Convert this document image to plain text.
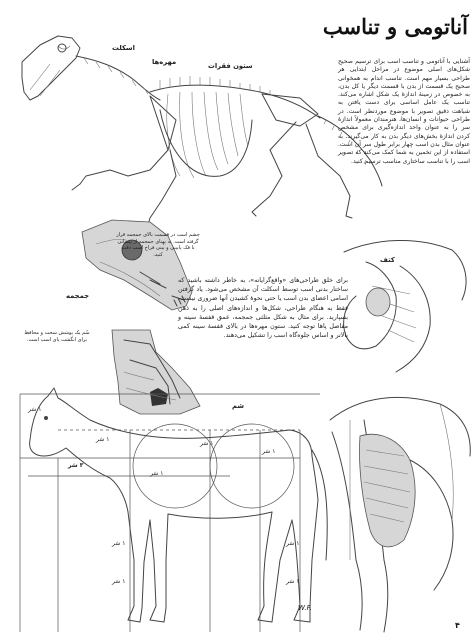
آناتومی و تناسب
آشنایی با آناتومی و تناسب اسب برای ترسیم صحیح شکل‌های اصلی موضوع در مراحل ابتدایی هر طراحی بسیار مهم است. تناسب اندام به همخوانی صحیح یک قسمت از بدن با قسمت دیگر یا کل بدن، به خصوص در زمینهٔ اندازهٔ یک شکل اشاره می‌کند. تناسب یک عامل اساسی برای دست یافتن به شباهت دقیق تصویر با موضوع موردنظر است. در طراحی حیوانات و انسان‌ها، هنرمندان معمولاً اندازهٔ سر را به عنوان واحد اندازه‌گیری برای مشخص کردن اندازهٔ بخش‌های دیگر بدن به کار می‌گیرند. به عنوان مثال بدن اسب چهار برابر طول سر آن است. استفاده از این تخمین به شما کمک می‌کند که تصویر اسب را با تناسب ساختاری مناسب ترسیم کنید.
برای خلق طراحی‌های «واقع‌گرایانه»، به خاطر داشته باشید که ساختار بدنی اسب توسط اسکلت آن مشخص می‌شود. یاد گرفتن اسامی اعضای بدن اسب یا حتی نحوهٔ کشیدن آنها ضروری نیست، فقط به هنگام طراحی، شکل‌ها و اندازه‌های اصلی را به ذهن بسپارید. برای مثال به شکل مثلثی جمجمه، عمق قفسهٔ سینه و مفاصل پاها توجه کنید. ستون مهره‌ها در بالای قفسهٔ سینه کمی بالاتر و اساس جلوه‌گاه اسب را تشکیل می‌دهند.
اسکلت
مهره‌ها	ستون فقرات
جمجمه
کتف
شم
چشم اسب در قسمت بالای جمجمه قرار گرفته است. به پهنای جمجمه از پیشانی تا فک پایینی و بینی فراخ اسب دقت کنید.
سُم یک پوشش سخت و محافظ برای انگشت پای اسب است.
۱ سَر
۱ سَر
۳ سَر
۱ سَر
۱ سَر
۱ سَر
۱ سَر
۱ سَر
۱ سَر
۱ سَر
W.F.
۴
